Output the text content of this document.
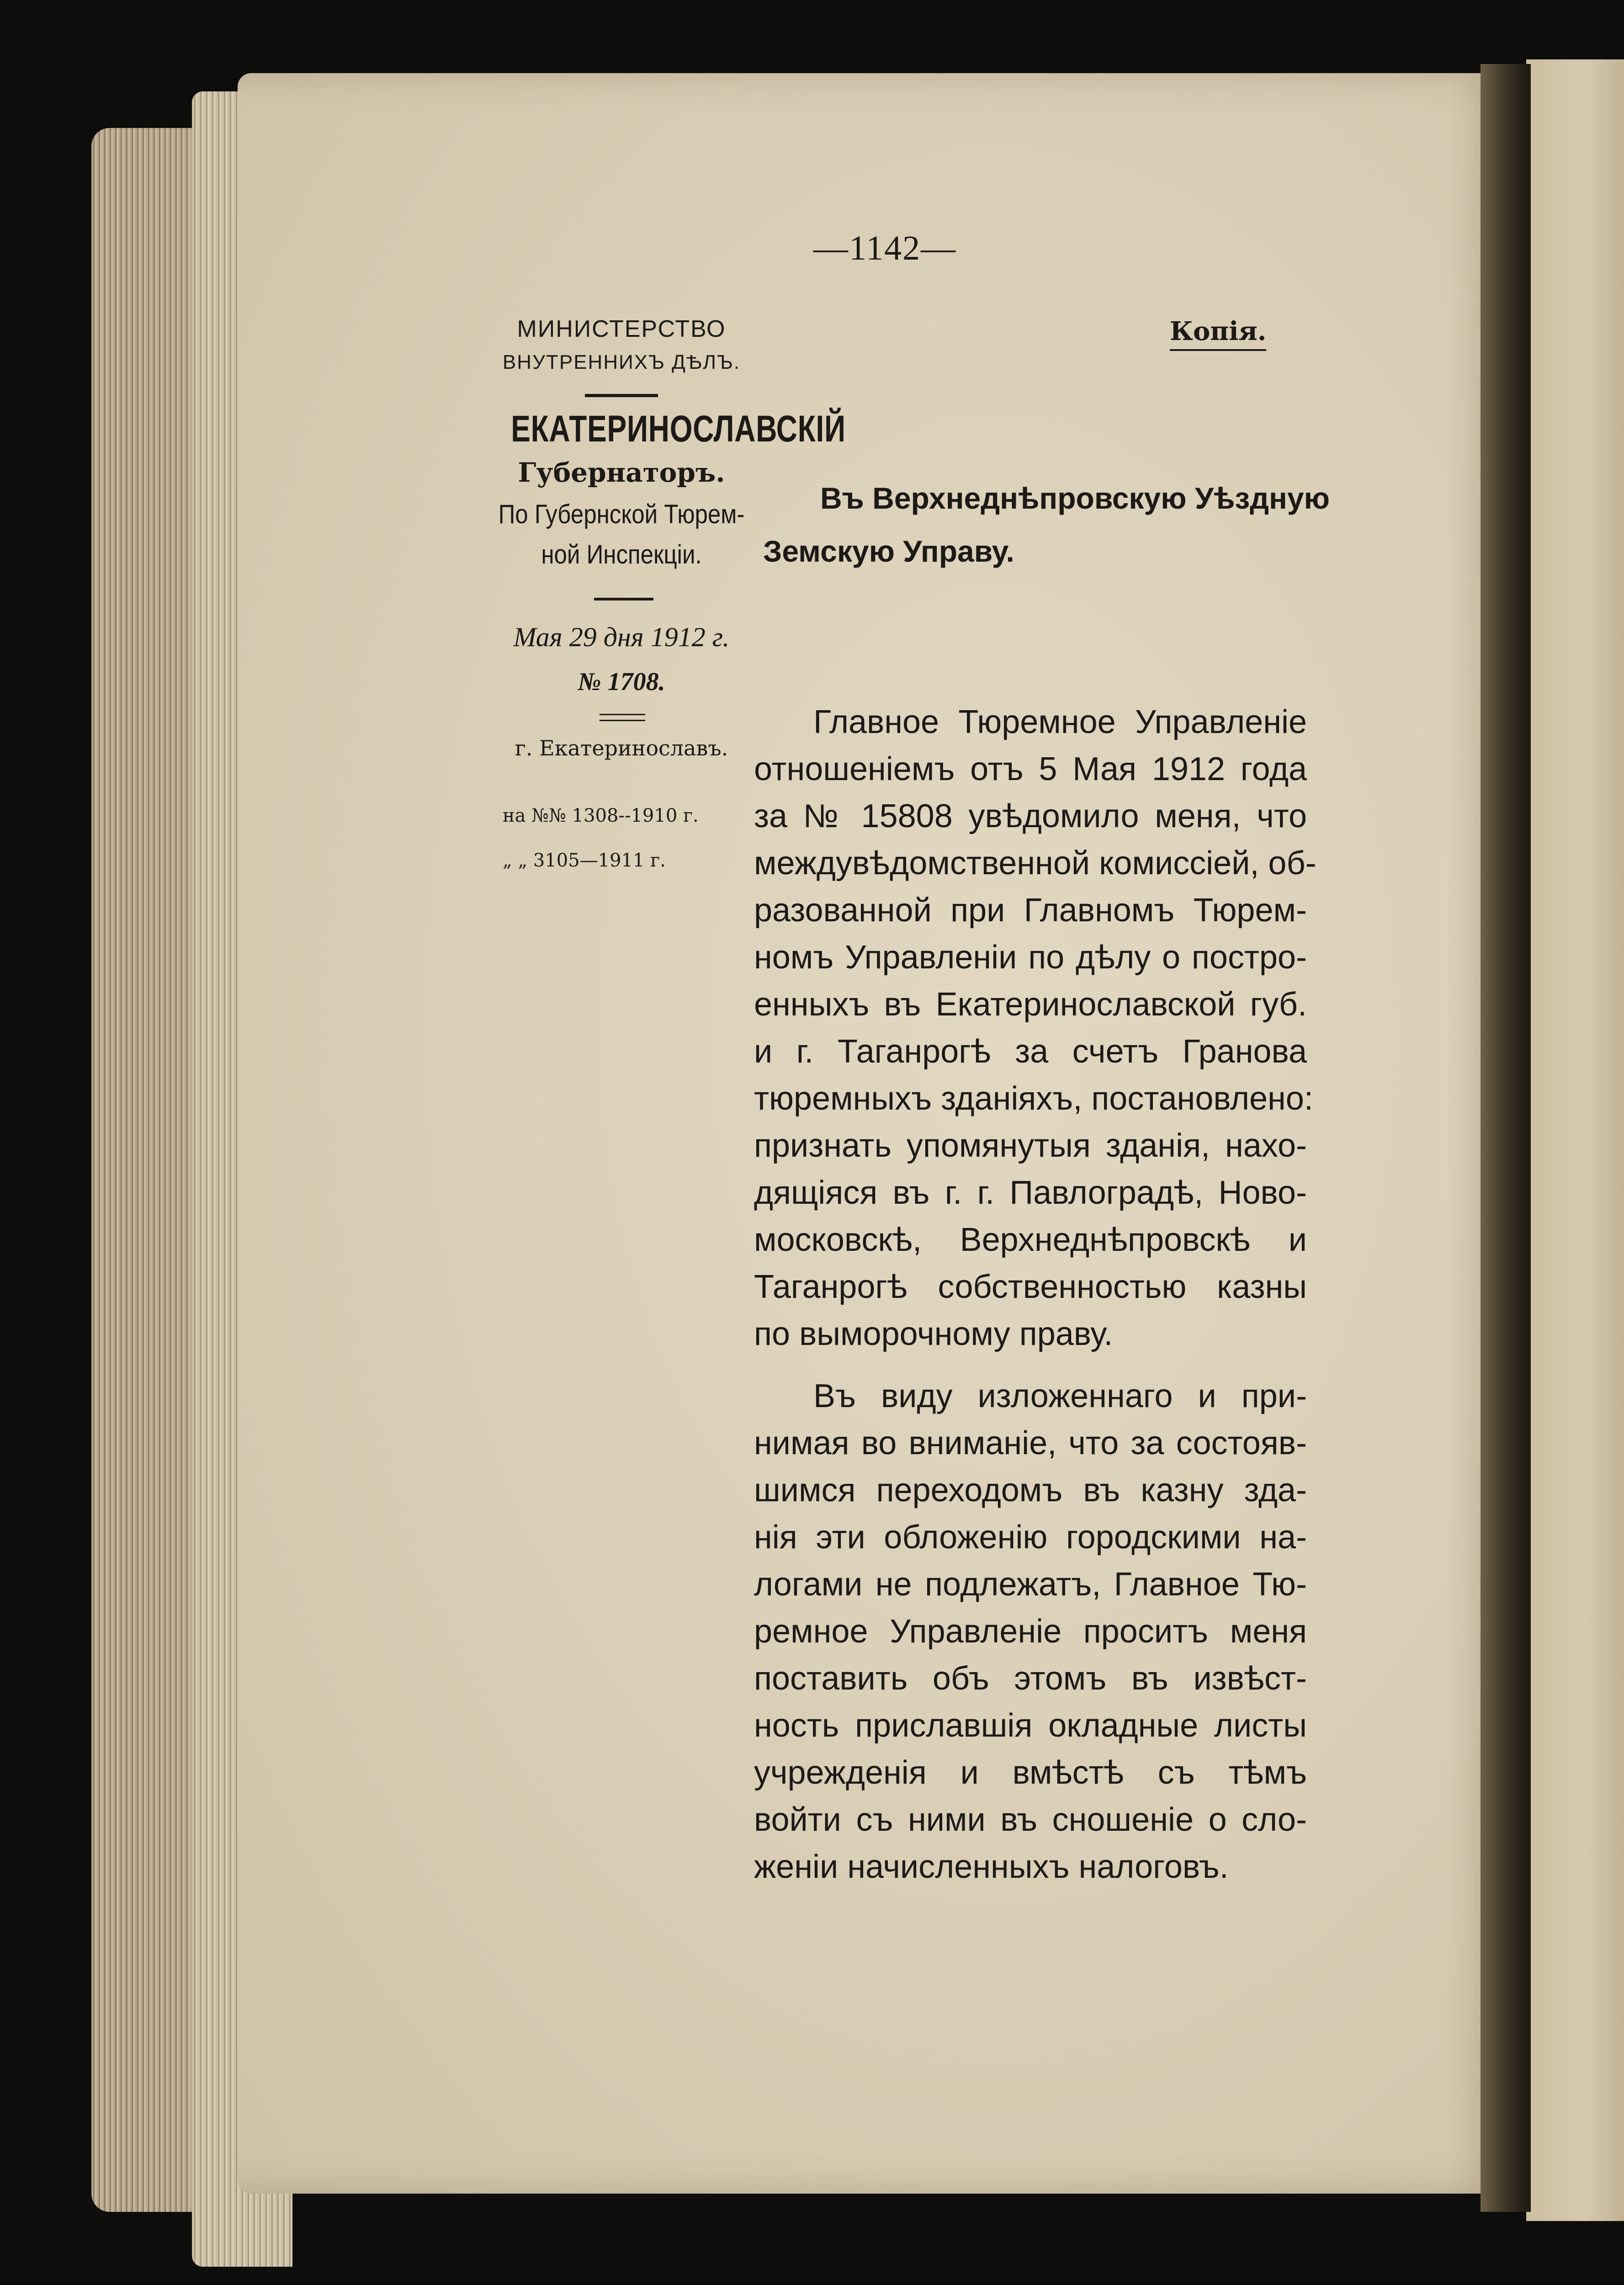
—1142—
Копія.
МИНИСТЕРСТВО
ВНУТРЕННИХЪ ДѢЛЪ.
ЕКАТЕРИНОСЛАВСКІЙ
Губернаторъ.
По Губернской Тюрем-
ной Инспекціи.
Мая 29 дня 1912 г.
№ 1708.
г. Екатеринославъ.
на №№ 1308--1910 г.
„ „ 3105—1911 г.
Въ Верхнеднѣпровскую Уѣздную
Земскую Управу.
Главное Тюремное Управленіе
отношеніемъ отъ 5 Мая 1912 года
за № 15808 увѣдомило меня, что
междувѣдомственной комиссіей, об-
разованной при Главномъ Тюрем-
номъ Управленіи по дѣлу о постро-
енныхъ въ Екатеринославской губ.
и г. Таганрогѣ за счетъ Гранова
тюремныхъ зданіяхъ, постановлено:
признать упомянутыя зданія, нахо-
дящіяся въ г. г. Павлоградѣ, Ново-
московскѣ, Верхнеднѣпровскѣ и
Таганрогѣ собственностью казны
по выморочному праву.
Въ виду изложеннаго и при-
нимая во вниманіе, что за состояв-
шимся переходомъ въ казну зда-
нія эти обложенію городскими на-
логами не подлежатъ, Главное Тю-
ремное Управленіе проситъ меня
поставить объ этомъ въ извѣст-
ность приславшія окладные листы
учрежденія и вмѣстѣ съ тѣмъ
войти съ ними въ сношеніе о сло-
женіи начисленныхъ налоговъ.
